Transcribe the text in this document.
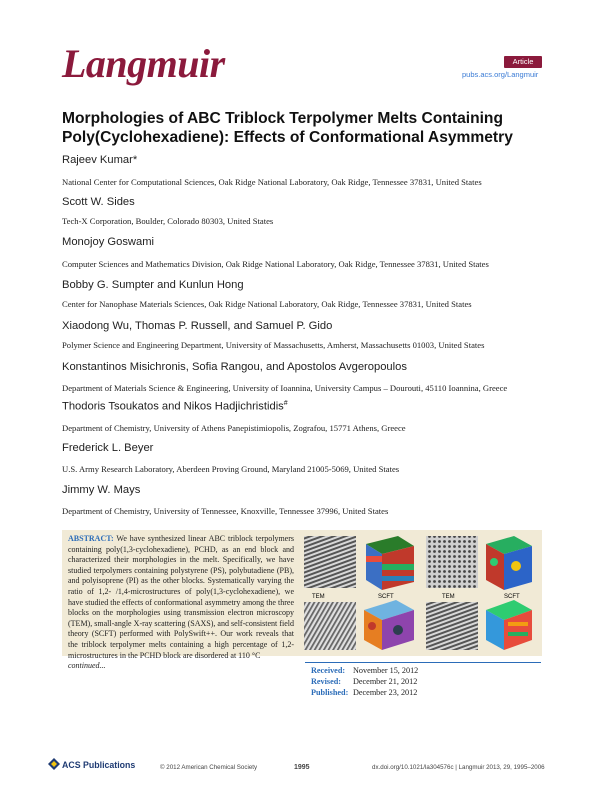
Langmuir	Article
pubs.acs.org/Langmuir
Morphologies of ABC Triblock Terpolymer Melts Containing Poly(Cyclohexadiene): Effects of Conformational Asymmetry
Rajeev Kumar*
National Center for Computational Sciences, Oak Ridge National Laboratory, Oak Ridge, Tennessee 37831, United States
Scott W. Sides
Tech-X Corporation, Boulder, Colorado 80303, United States
Monojoy Goswami
Computer Sciences and Mathematics Division, Oak Ridge National Laboratory, Oak Ridge, Tennessee 37831, United States
Bobby G. Sumpter and Kunlun Hong
Center for Nanophase Materials Sciences, Oak Ridge National Laboratory, Oak Ridge, Tennessee 37831, United States
Xiaodong Wu, Thomas P. Russell, and Samuel P. Gido
Polymer Science and Engineering Department, University of Massachusetts, Amherst, Massachusetts 01003, United States
Konstantinos Misichronis, Sofia Rangou, and Apostolos Avgeropoulos
Department of Materials Science & Engineering, University of Ioannina, University Campus – Dourouti, 45110 Ioannina, Greece
Thodoris Tsoukatos and Nikos Hadjichristidis#
Department of Chemistry, University of Athens Panepistimiopolis, Zografou, 15771 Athens, Greece
Frederick L. Beyer
U.S. Army Research Laboratory, Aberdeen Proving Ground, Maryland 21005-5069, United States
Jimmy W. Mays
Department of Chemistry, University of Tennessee, Knoxville, Tennessee 37996, United States
ABSTRACT: We have synthesized linear ABC triblock terpolymers containing poly(1,3-cyclohexadiene), PCHD, as an end block and characterized their morphologies in the melt. Specifically, we have studied terpolymers containing polystyrene (PS), polybutadiene (PB), and polyisoprene (PI) as the other blocks. Systematically varying the ratio of 1,2- /1,4-microstructures of poly(1,3-cyclohexadiene), we have studied the effects of conformational asymmetry among the three blocks on the morphologies using transmission electron microscopy (TEM), small-angle X-ray scattering (SAXS), and self-consistent field theory (SCFT) performed with PolySwift++. Our work reveals that the triblock terpolymer melts containing a high percentage of 1,2-microstructures in the PCHD block are disordered at 110 °C
continued...
TEM	SCFT	TEM	SCFT
Received: November 15, 2012
Revised: December 21, 2012
Published: December 23, 2012
ACS Publications	© 2012 American Chemical Society	1995	dx.doi.org/10.1021/la304576c | Langmuir 2013, 29, 1995–2006
